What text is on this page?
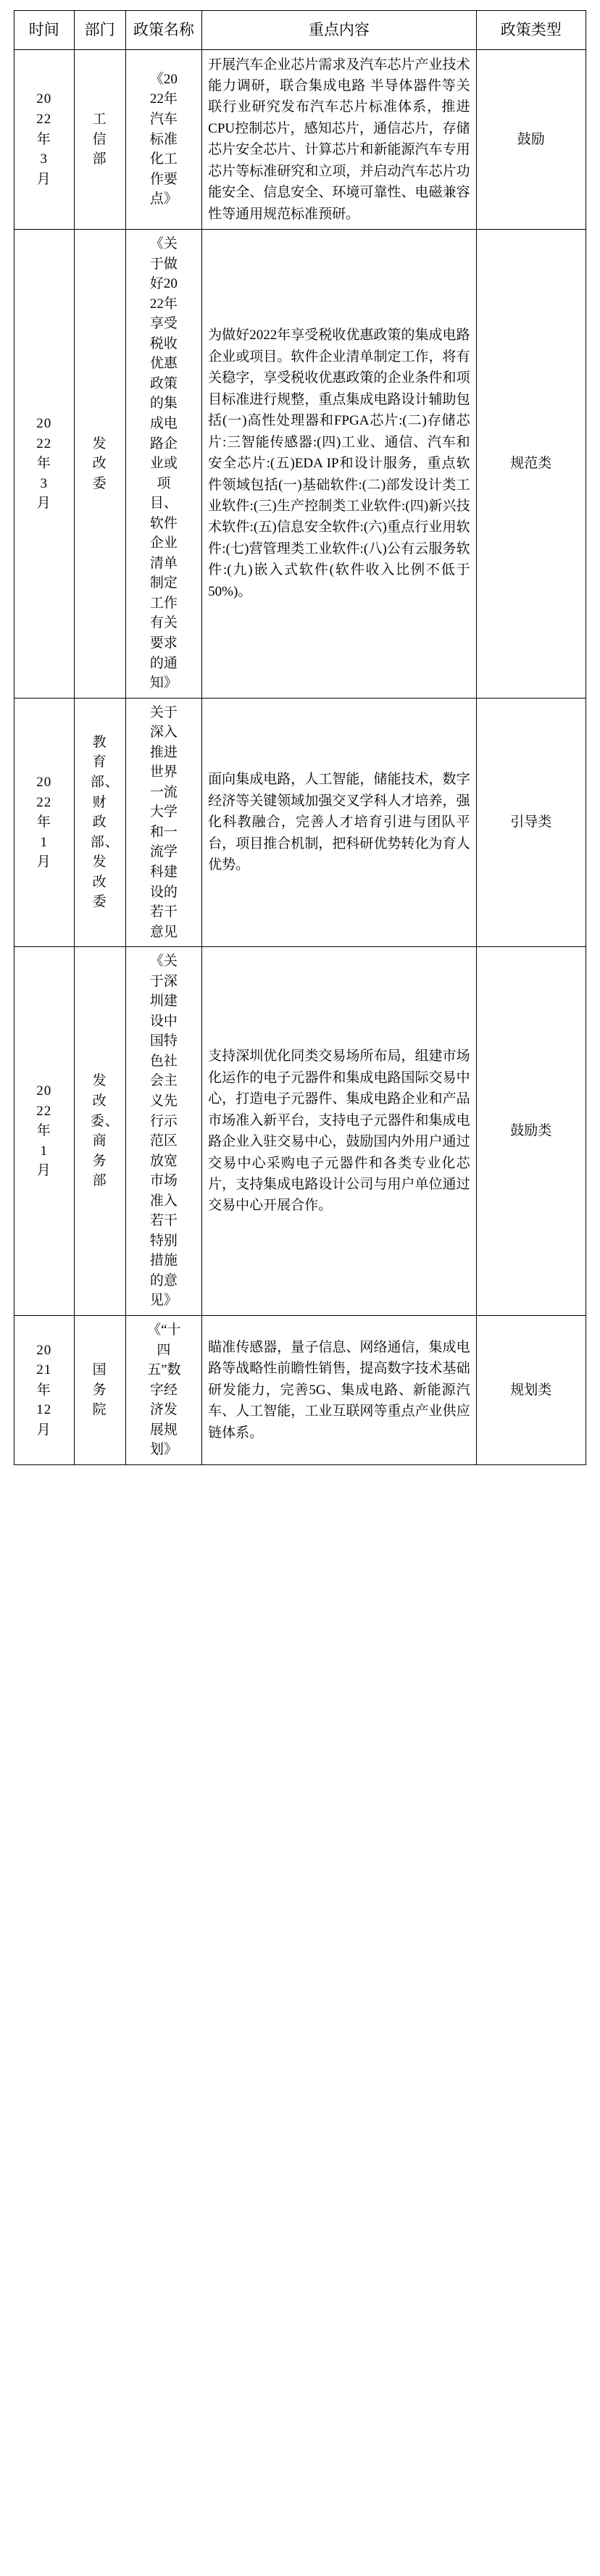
时间	部门	政策名称	重点内容	政策类型

2022年3月	工信部	《2022年汽车标准化工作要点》	开展汽车企业芯片需求及汽车芯片产业技术能力调研，联合集成电路 半导体器件等关联行业研究发布汽车芯片标准体系，推进CPU控制芯片，感知芯片，通信芯片，存储芯片安全芯片、计算芯片和新能源汽车专用芯片等标准研究和立项，并启动汽车芯片功能安全、信息安全、环境可靠性、电磁兼容性等通用规范标准预研。	鼓励

2022年3月	发改委	《关于做好2022年享受税收优惠政策的集成电路企业或项目、软件企业清单制定工作有关要求的通知》	为做好2022年享受税收优惠政策的集成电路企业或项目。软件企业清单制定工作，将有关稳字，享受税收优惠政策的企业条件和项目标准进行规整，重点集成电路设计辅助包括(一)高性处理器和FPGA芯片:(二)存储芯片:三智能传感器:(四)工业、通信、汽车和安全芯片:(五)EDA IP和设计服务，重点软件领域包括(一)基础软件:(二)部发设计类工业软件:(三)生产控制类工业软件:(四)新兴技术软件:(五)信息安全软件:(六)重点行业用软件:(七)营管理类工业软件:(八)公有云服务软件:(九)嵌入式软件(软件收入比例不低于50%)。	规范类

2022年1月	教育部、财政部、发改委	关于深入推进世界一流大学和一流学科建设的若干意见	面向集成电路，人工智能，储能技术，数字经济等关键领域加强交叉学科人才培养，强化科教融合，完善人才培育引进与团队平台，项目推合机制，把科研优势转化为育人优势。	引导类

2022年1月	发改委、商务部	《关于深圳建设中国特色社会主义先行示范区放宽市场准入若干特别措施的意见》	支持深圳优化同类交易场所布局，组建市场化运作的电子元器件和集成电路国际交易中心，打造电子元器件、集成电路企业和产品市场准入新平台，支持电子元器件和集成电路企业入驻交易中心，鼓励国内外用户通过交易中心采购电子元器件和各类专业化芯片，支持集成电路设计公司与用户单位通过交易中心开展合作。	鼓励类

2021年12月	国务院	《“十四五”数字经济发展规划》	瞄准传感器，量子信息、网络通信，集成电路等战略性前瞻性销售，提高数字技术基础研发能力，完善5G、集成电路、新能源汽车、人工智能，工业互联网等重点产业供应链体系。	规划类
